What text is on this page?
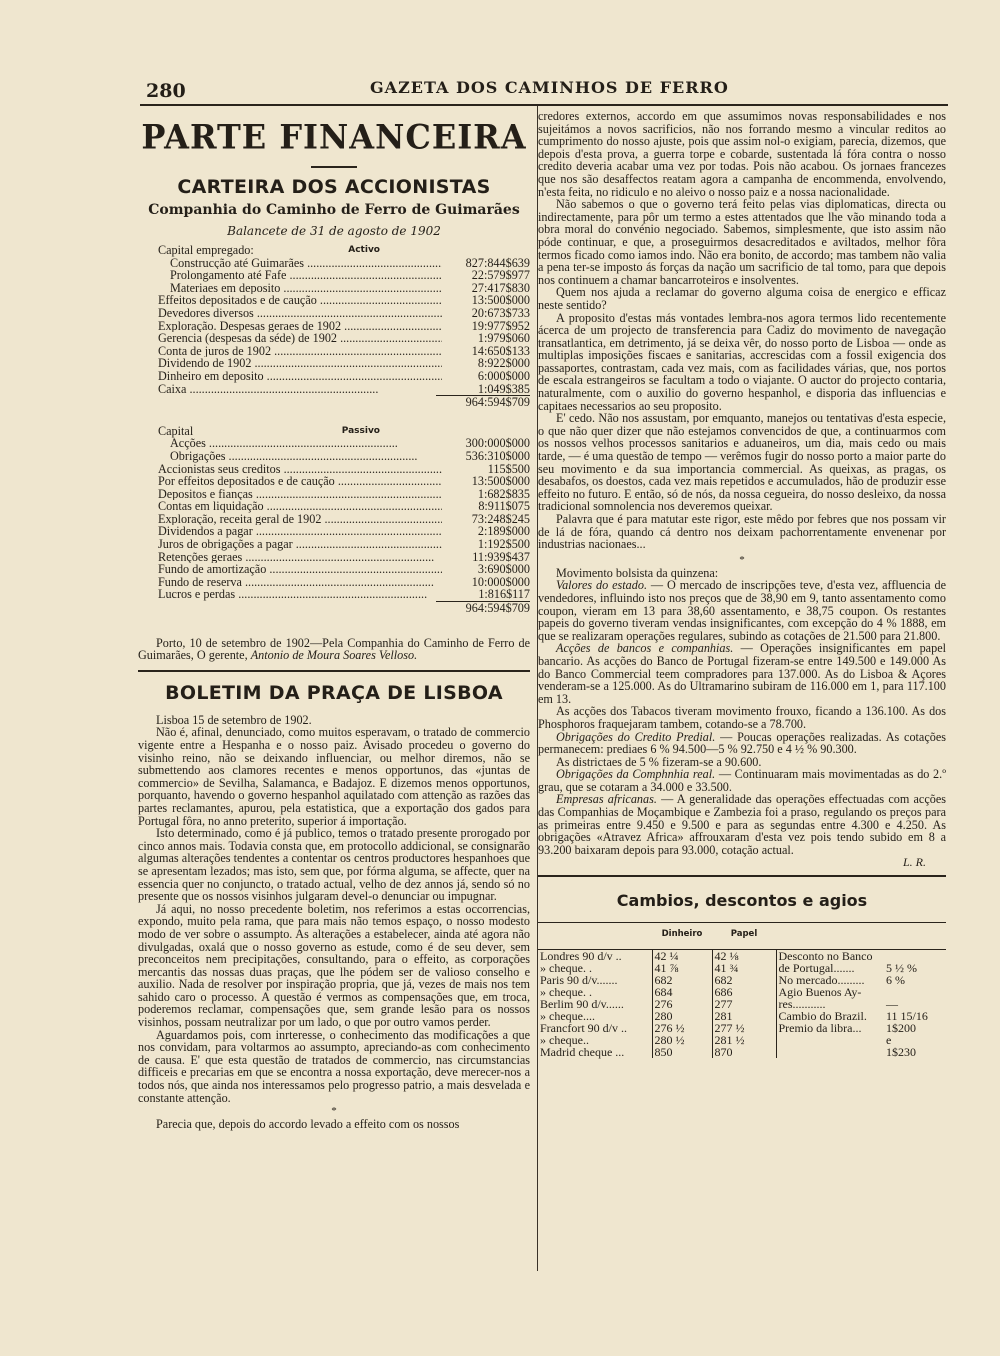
280	GAZETA DOS CAMINHOS DE FERRO
PARTE FINANCEIRA
CARTEIRA DOS ACCIONISTAS
Companhia do Caminho de Ferro de Guimarães
Balancete de 31 de agosto de 1902
Capital empregado:	Activo
Construcção até Guimarães .....	827:844$639
Prolongamento até Fafe .....	22:579$977
Materiaes em deposito .....	27:417$830
Effeitos depositados e de caução .....	13:500$000
Devedores diversos .....	20:673$733
Exploração. Despesas geraes de 1902 .....	19:977$952
Gerencia (despesas da séde) de 1902 .....	1:979$060
Conta de juros de 1902 .....	14:650$133
Dividendo de 1902 .....	8:922$000
Dinheiro em deposito .....	6:000$000
Caixa .....	1:049$385
964:594$709
Capital	Passivo
Acções .....	300:000$000
Obrigações .....	536:310$000
Accionistas seus creditos .....	115$500
Por effeitos depositados e de caução .....	13:500$000
Depositos e fianças .....	1:682$835
Contas em liquidação .....	8:911$075
Exploração, receita geral de 1902 .....	73:248$245
Dividendos a pagar .....	2:189$000
Juros de obrigações a pagar .....	1:192$500
Retenções geraes .....	11:939$437
Fundo de amortização .....	3:690$000
Fundo de reserva .....	10:000$000
Lucros e perdas .....	1:816$117
964:594$709

Porto, 10 de setembro de 1902—Pela Companhia do Caminho de Ferro de Guimarães, O gerente, Antonio de Moura Soares Velloso.

BOLETIM DA PRAÇA DE LISBOA

Lisboa 15 de setembro de 1902.

Não é, afinal, denunciado, como muitos esperavam, o tratado de commercio vigente entre a Hespanha e o nosso paiz. Avisado procedeu o governo do visinho reino, não se deixando influenciar, ou melhor diremos, não se submettendo aos clamores recentes e menos opportunos, das «juntas de commercio» de Sevilha, Salamanca, e Badajoz. E dizemos menos opportunos, porquanto, havendo o governo hespanhol aquilatado com attenção as razões das partes reclamantes, apurou, pela estatistica, que a exportação dos gados para Portugal fôra, no anno preterito, superior á importação.

Isto determinado, como é já publico, temos o tratado presente prorogado por cinco annos mais. Todavia consta que, em protocollo addicional, se consignarão algumas alterações tendentes a contentar os centros productores hespanhoes que se apresentam lezados; mas isto, sem que, por fórma alguma, se affecte, quer na essencia quer no conjuncto, o tratado actual, velho de dez annos já, sendo só no presente que os nossos visinhos julgaram devel-o denunciar ou impugnar.

Já aqui, no nosso precedente boletim, nos referimos a estas occorrencias, expondo, muito pela rama, que para mais não temos espaço, o nosso modesto modo de ver sobre o assumpto. As alterações a estabelecer, ainda até agora não divulgadas, oxalá que o nosso governo as estude, como é de seu dever, sem preconceitos nem precipitações, consultando, para o effeito, as corporações mercantis das nossas duas praças, que lhe pódem ser de valioso conselho e auxilio. Nada de resolver por inspiração propria, que já, vezes de mais nos tem sahido caro o processo. A questão é vermos as compensações que, em troca, poderemos reclamar, compensações que, sem grande lesão para os nossos visinhos, possam neutralizar por um lado, o que por outro vamos perder.

Aguardamos pois, com inrteresse, o conhecimento das modificações a que nos convidam, para voltarmos ao assumpto, apreciando-as com conhecimento de causa. E' que esta questão de tratados de commercio, nas circumstancias difficeis e precarias em que se encontra a nossa exportação, deve merecer-nos a todos nós, que ainda nos interessamos pelo progresso patrio, a mais desvelada e constante attenção.

*

Parecia que, depois do accordo levado a effeito com os nossos

credores externos, accordo em que assumimos novas responsabilidades e nos sujeitámos a novos sacrificios, não nos forrando mesmo a vincular reditos ao cumprimento do nosso ajuste, pois que assim nol-o exigiam, parecia, dizemos, que depois d'esta prova, a guerra torpe e cobarde, sustentada lá fóra contra o nosso credito deveria acabar uma vez por todas. Pois não acabou. Os jornaes francezes que nos são desaffectos reatam agora a campanha de encommenda, envolvendo, n'esta feita, no ridiculo e no aleivo o nosso paiz e a nossa nacionalidade.

Não sabemos o que o governo terá feito pelas vias diplomaticas, directa ou indirectamente, para pôr um termo a estes attentados que lhe vão minando toda a obra moral do convénio negociado. Sabemos, simplesmente, que isto assim não póde continuar, e que, a proseguirmos desacreditados e aviltados, melhor fôra termos ficado como iamos indo. Não era bonito, de accordo; mas tambem não valia a pena ter-se imposto ás forças da nação um sacrificio de tal tomo, para que depois nos continuem a chamar bancarroteiros e insolventes.

Quem nos ajuda a reclamar do governo alguma coisa de energico e efficaz neste sentido?

A proposito d'estas más vontades lembra-nos agora termos lido recentemente ácerca de um projecto de transferencia para Cadiz do movimento de navegação transatlantica, em detrimento, já se deixa vêr, do nosso porto de Lisboa — onde as multiplas imposições fiscaes e sanitarias, accrescidas com a fossil exigencia dos passaportes, contrastam, cada vez mais, com as facilidades várias, que, nos portos de escala estrangeiros se facultam a todo o viajante. O auctor do projecto contaria, naturalmente, com o auxilio do governo hespanhol, e disporia das influencias e capitaes necessarios ao seu proposito.

E' cedo. Não nos assustam, por emquanto, manejos ou tentativas d'esta especie, o que não quer dizer que não estejamos convencidos de que, a continuarmos com os nossos velhos processos sanitarios e aduaneiros, um dia, mais cedo ou mais tarde, — é uma questão de tempo — verêmos fugir do nosso porto a maior parte do seu movimento e da sua importancia commercial. As queixas, as pragas, os desabafos, os doestos, cada vez mais repetidos e accumulados, hão de produzir esse effeito no futuro. E então, só de nós, da nossa cegueira, do nosso desleixo, da nossa tradicional somnolencia nos deveremos queixar.

Palavra que é para matutar este rigor, este mêdo por febres que nos possam vir de lá de fóra, quando cá dentro nos deixam pachorrentamente envenenar por industrias nacionaes...

*

Movimento bolsista da quinzena:

Valores do estado. — O mercado de inscripções teve, d'esta vez, affluencia de vendedores, influindo isto nos preços que de 38,90 em 9, tanto assentamento como coupon, vieram em 13 para 38,60 assentamento, e 38,75 coupon. Os restantes papeis do governo tiveram vendas insignificantes, com excepção do 4 % 1888, em que se realizaram operações regulares, subindo as cotações de 21.500 para 21.800.

Acções de bancos e companhias. — Operações insignificantes em papel bancario. As acções do Banco de Portugal fizeram-se entre 149.500 e 149.000 As do Banco Commercial teem compradores para 137.000. As do Lisboa & Açores venderam-se a 125.000. As do Ultramarino subiram de 116.000 em 1, para 117.100 em 13.

As acções dos Tabacos tiveram movimento frouxo, ficando a 136.100. As dos Phosphoros fraquejaram tambem, cotando-se a 78.700.

Obrigações do Credito Predial. — Poucas operações realizadas. As cotações permanecem: prediaes 6 % 94.500—5 % 92.750 e 4 ½ % 90.300.

As districtaes de 5 % fizeram-se a 90.600.

Obrigações da Comphnhia real. — Continuaram mais movimentadas as do 2.º grau, que se cotaram a 34.000 e 33.500.

Empresas africanas. — A generalidade das operações effectuadas com acções das Companhias de Moçambique e Zambezia foi a praso, regulando os preços para as primeiras entre 9.450 e 9.500 e para as segundas entre 4.300 e 4.250. As obrigações «Atravez Africa» affrouxaram d'esta vez pois tendo subido em 8 a 93.200 baixaram depois para 93.000, cotação actual.

L. R.
Cambios, descontos e agios
	Dinheiro	Papel		
Londres 90 d/v ..	42 ¼	42 ⅛	Desconto no Banco	
» cheque. .	41 ⅞	41 ¾	de Portugal.......	5 ½ %
Paris 90 d/v.......	682	682	No mercado.........	6 %
» cheque. .	684	686	Agio Buenos Ay-	
Berlim 90 d/v......	276	277	res...........	—
» cheque....	280	281	Cambio do Brazil.	11 15/16
Francfort 90 d/v ..	276 ½	277 ½	Premio da libra...	1$200
» cheque..	280 ½	281 ½		e
Madrid cheque ...	850	870		1$230
